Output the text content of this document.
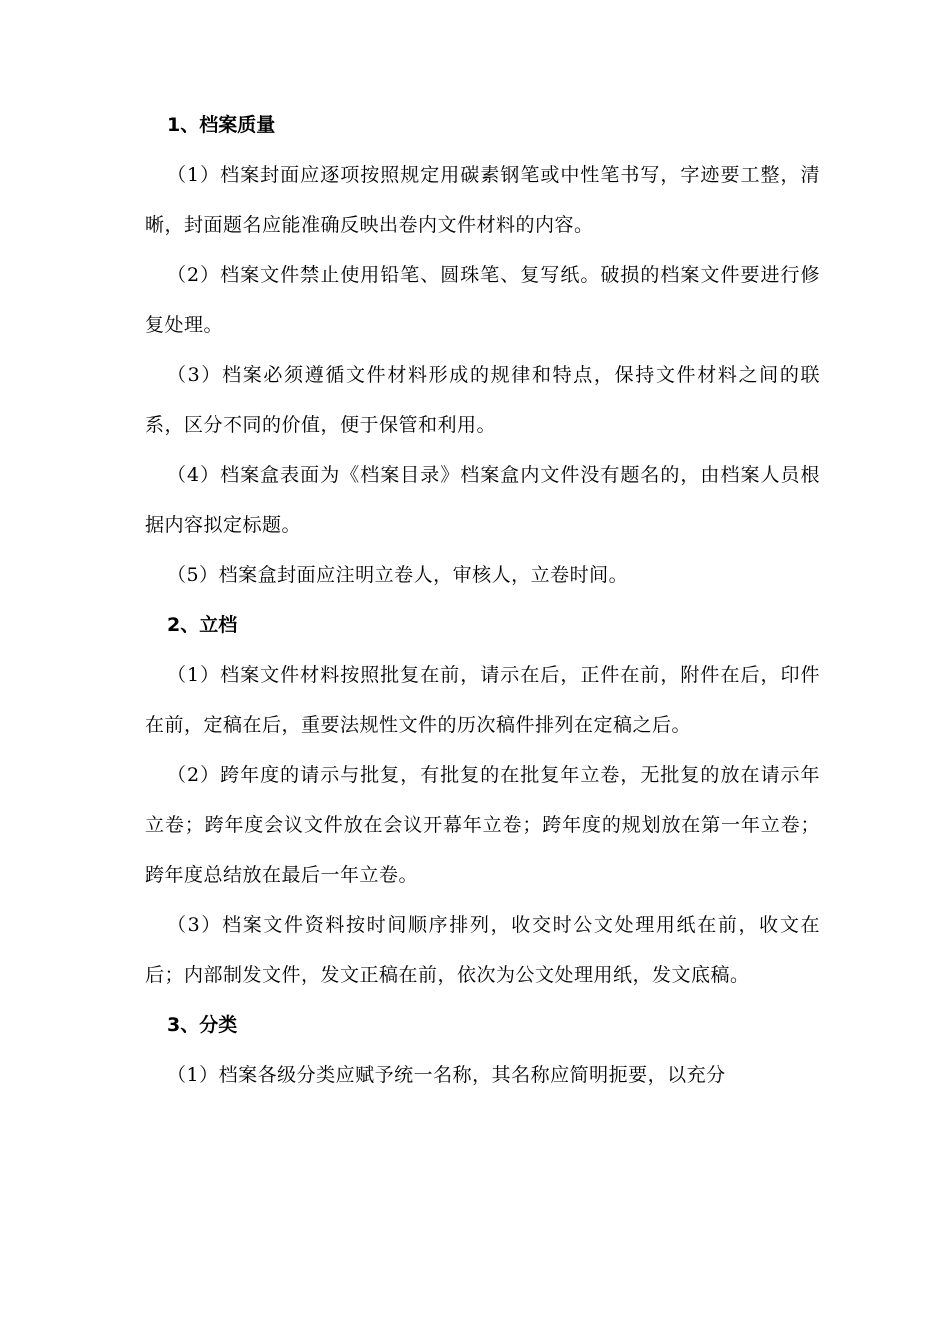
1、档案质量

（1）档案封面应逐项按照规定用碳素钢笔或中性笔书写，字迹要工整，清晰，封面题名应能准确反映出卷内文件材料的内容。

（2）档案文件禁止使用铅笔、圆珠笔、复写纸。破损的档案文件要进行修复处理。

（3）档案必须遵循文件材料形成的规律和特点，保持文件材料之间的联系，区分不同的价值，便于保管和利用。

（4）档案盒表面为《档案目录》档案盒内文件没有题名的，由档案人员根据内容拟定标题。

（5）档案盒封面应注明立卷人，审核人，立卷时间。

2、立档

（1）档案文件材料按照批复在前，请示在后，正件在前，附件在后，印件在前，定稿在后，重要法规性文件的历次稿件排列在定稿之后。

（2）跨年度的请示与批复，有批复的在批复年立卷，无批复的放在请示年立卷；跨年度会议文件放在会议开幕年立卷；跨年度的规划放在第一年立卷；跨年度总结放在最后一年立卷。

（3）档案文件资料按时间顺序排列，收交时公文处理用纸在前，收文在后；内部制发文件，发文正稿在前，依次为公文处理用纸，发文底稿。

3、分类

（1）档案各级分类应赋予统一名称，其名称应简明扼要，以充分
